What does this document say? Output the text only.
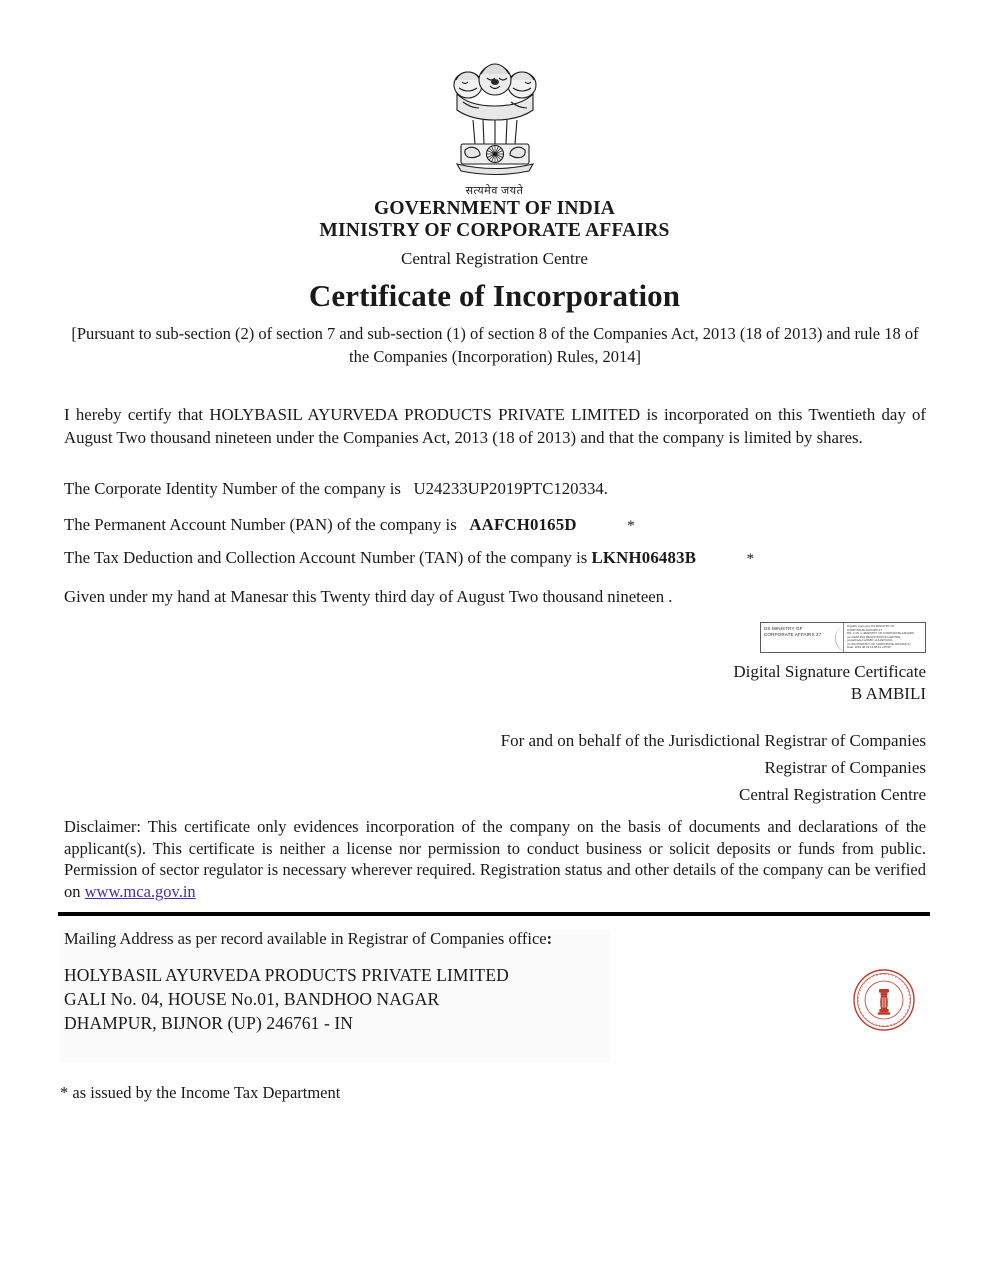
सत्यमेव जयते
GOVERNMENT OF INDIA
MINISTRY OF CORPORATE AFFAIRS
Central Registration Centre
Certificate of Incorporation
[Pursuant to sub-section (2) of section 7 and sub-section (1) of section 8 of the Companies Act, 2013 (18 of 2013) and rule 18 of the Companies (Incorporation) Rules, 2014]
I hereby certify that HOLYBASIL AYURVEDA PRODUCTS PRIVATE LIMITED is incorporated on this Twentieth day of August Two thousand nineteen under the Companies Act, 2013 (18 of 2013) and that the company is limited by shares.
The Corporate Identity Number of the company is U24233UP2019PTC120334.
The Permanent Account Number (PAN) of the company is AAFCH0165D	*
The Tax Deduction and Collection Account Number (TAN) of the company is LKNH06483B	*
Given under my hand at Manesar this Twenty third day of August Two thousand nineteen .
DS MINISTRY OF
CORPORATE AFFAIRS 27
Digitally signed by DS MINISTRY OF
CORPORATE AFFAIRS 27
DN: c=IN, o=MINISTRY OF CORPORATE AFFAIRS,
ou=CENTRAL REGISTRATION CENTRE,
postalCode=122050, st=HARYANA,
cn=DS MINISTRY OF CORPORATE AFFAIRS 27
Date: 2019.08.23 12:08:11 +05'30'
Digital Signature Certificate
B AMBILI
For and on behalf of the Jurisdictional Registrar of Companies
Registrar of Companies
Central Registration Centre
Disclaimer: This certificate only evidences incorporation of the company on the basis of documents and declarations of the applicant(s). This certificate is neither a license nor permission to conduct business or solicit deposits or funds from public. Permission of sector regulator is necessary wherever required. Registration status and other details of the company can be verified on www.mca.gov.in
Mailing Address as per record available in Registrar of Companies office:
HOLYBASIL AYURVEDA PRODUCTS PRIVATE LIMITED
GALI No. 04, HOUSE No.01, BANDHOO NAGAR
DHAMPUR, BIJNOR (UP) 246761 - IN
* as issued by the Income Tax Department
